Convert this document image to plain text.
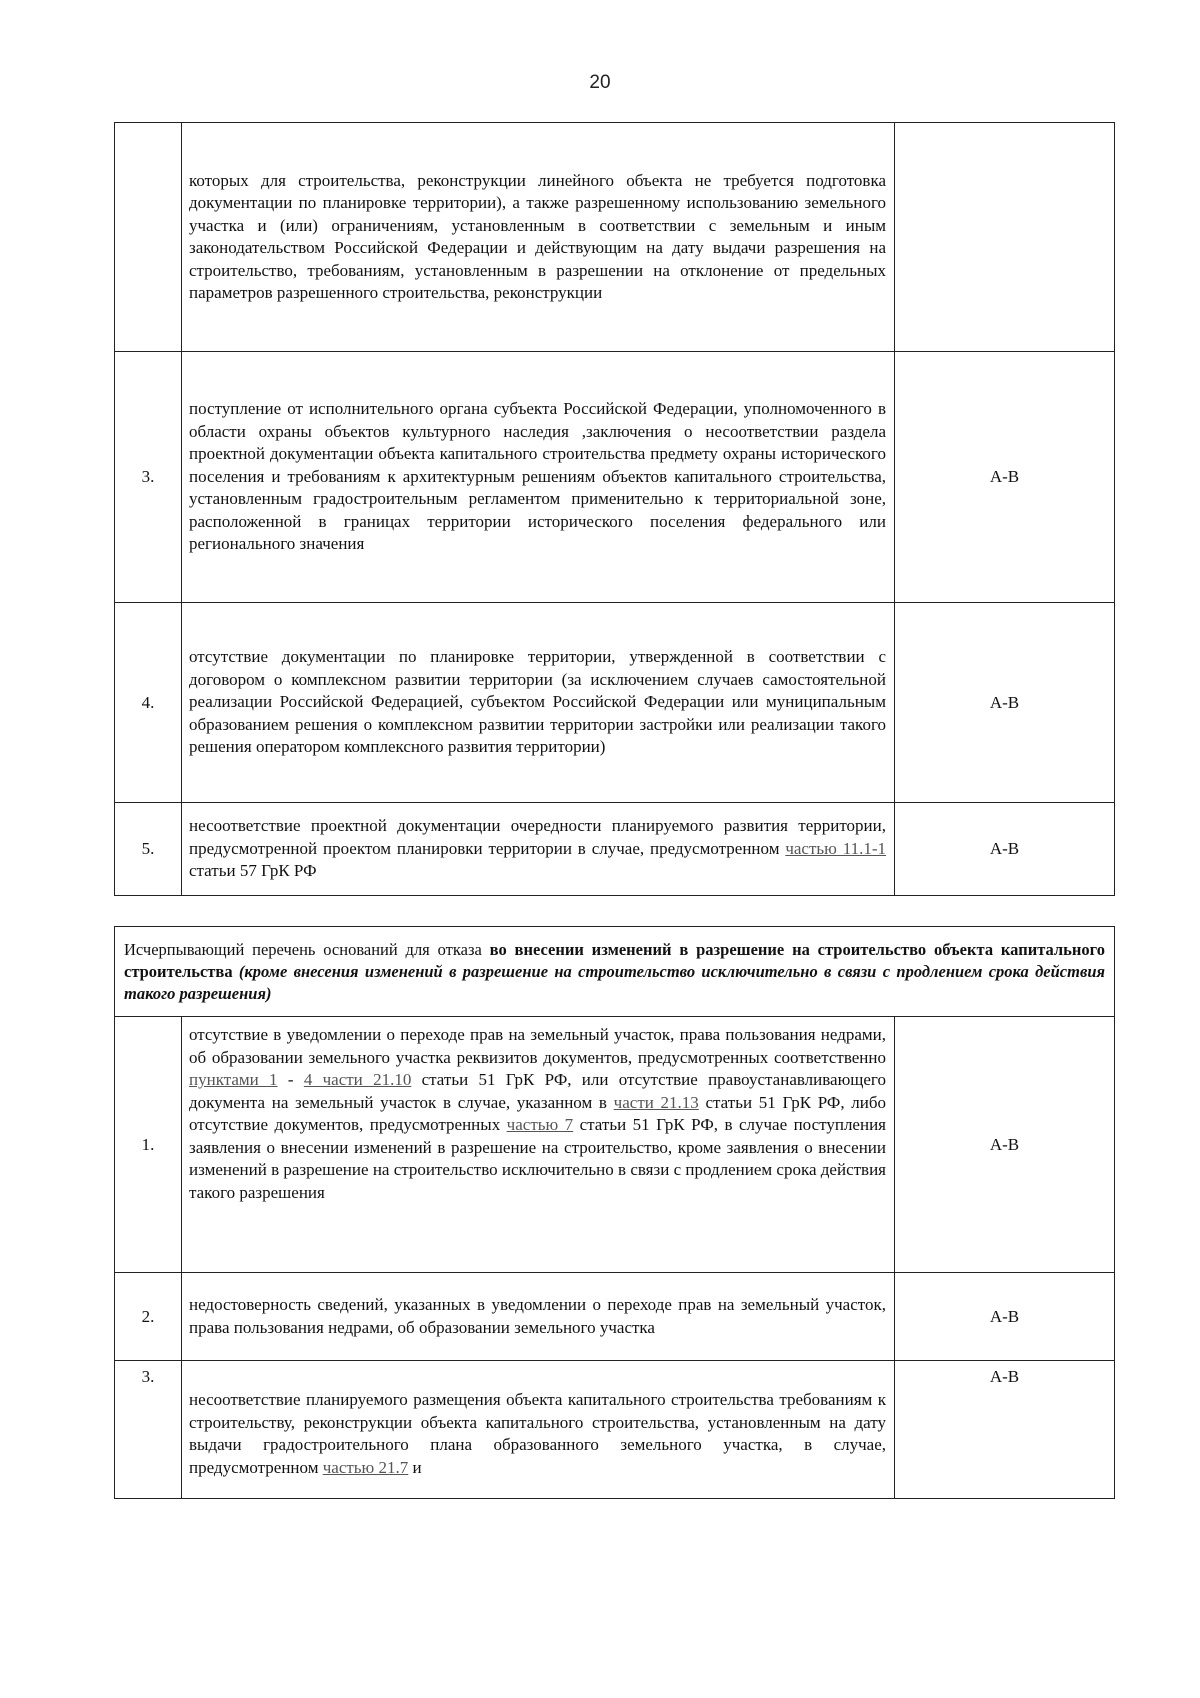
20
	которых для строительства, реконструкции линейного объекта не требуется подготовка документации по планировке территории), а также разрешенному использованию земельного участка и (или) ограничениям, установленным в соответствии с земельным и иным законодательством Российской Федерации и действующим на дату выдачи разрешения на строительство, требованиям, установленным в разрешении на отклонение от предельных параметров разрешенного строительства, реконструкции	
3.	поступление от исполнительного органа субъекта Российской Федерации, уполномоченного в области охраны объектов культурного наследия ,заключения о несоответствии раздела проектной документации объекта капитального строительства предмету охраны исторического поселения и требованиям к архитектурным решениям объектов капитального строительства, установленным градостроительным регламентом применительно к территориальной зоне, расположенной в границах территории исторического поселения федерального или регионального значения	А-В
4.	отсутствие документации по планировке территории, утвержденной в соответствии с договором о комплексном развитии территории (за исключением случаев самостоятельной реализации Российской Федерацией, субъектом Российской Федерации или муниципальным образованием решения о комплексном развитии территории застройки или реализации такого решения оператором комплексного развития территории)	А-В
5.	несоответствие проектной документации очередности планируемого развития территории, предусмотренной проектом планировки территории в случае, предусмотренном частью 11.1-1 статьи 57 ГрК РФ	А-В
Исчерпывающий перечень оснований для отказа во внесении изменений в разрешение на строительство объекта капитального строительства (кроме внесения изменений в разрешение на строительство исключительно в связи с продлением срока действия такого разрешения)		
1.	отсутствие в уведомлении о переходе прав на земельный участок, права пользования недрами, об образовании земельного участка реквизитов документов, предусмотренных соответственно пунктами 1 - 4 части 21.10 статьи 51 ГрК РФ, или отсутствие правоустанавливающего документа на земельный участок в случае, указанном в части 21.13 статьи 51 ГрК РФ, либо отсутствие документов, предусмотренных частью 7 статьи 51 ГрК РФ, в случае поступления заявления о внесении изменений в разрешение на строительство, кроме заявления о внесении изменений в разрешение на строительство исключительно в связи с продлением срока действия такого разрешения	А-В
2.	недостоверность сведений, указанных в уведомлении о переходе прав на земельный участок, права пользования недрами, об образовании земельного участка	А-В
3.	несоответствие планируемого размещения объекта капитального строительства требованиям к строительству, реконструкции объекта капитального строительства, установленным на дату выдачи градостроительного плана образованного земельного участка, в случае, предусмотренном частью 21.7 и	А-В
